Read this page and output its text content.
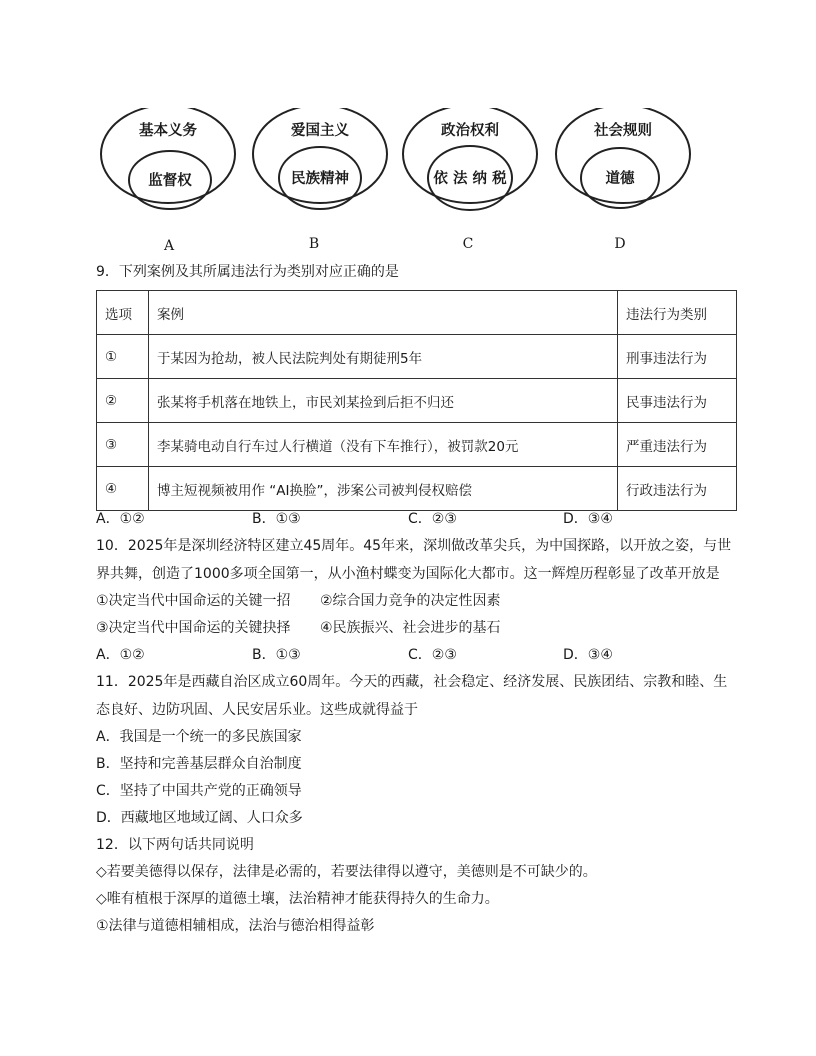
基本义务
监督权
A
爱国主义
民族精神
B
政治权利
依 法 纳 税
C
社会规则
道德
D
9．下列案例及其所属违法行为类别对应正确的是
选项	案例	违法行为类别
①	于某因为抢劫，被人民法院判处有期徒刑5年	刑事违法行为
②	张某将手机落在地铁上，市民刘某捡到后拒不归还	民事违法行为
③	李某骑电动自行车过人行横道（没有下车推行），被罚款20元	严重违法行为
④	博主短视频被用作 “AI换脸”，涉案公司被判侵权赔偿	行政违法行为
A．①②	B．①③	C．②③	D．③④
10．2025年是深圳经济特区建立45周年。45年来，深圳做改革尖兵，为中国探路，以开放之姿，与世
界共舞，创造了1000多项全国第一，从小渔村蝶变为国际化大都市。这一辉煌历程彰显了改革开放是
①决定当代中国命运的关键一招 ②综合国力竞争的决定性因素
③决定当代中国命运的关键抉择 ④民族振兴、社会进步的基石
A．①②	B．①③	C．②③	D．③④
11．2025年是西藏自治区成立60周年。今天的西藏，社会稳定、经济发展、民族团结、宗教和睦、生
态良好、边防巩固、人民安居乐业。这些成就得益于
A．我国是一个统一的多民族国家
B．坚持和完善基层群众自治制度
C．坚持了中国共产党的正确领导
D．西藏地区地域辽阔、人口众多
12．以下两句话共同说明
◇若要美德得以保存，法律是必需的，若要法律得以遵守，美德则是不可缺少的。
◇唯有植根于深厚的道德土壤，法治精神才能获得持久的生命力。
①法律与道德相辅相成，法治与德治相得益彰
